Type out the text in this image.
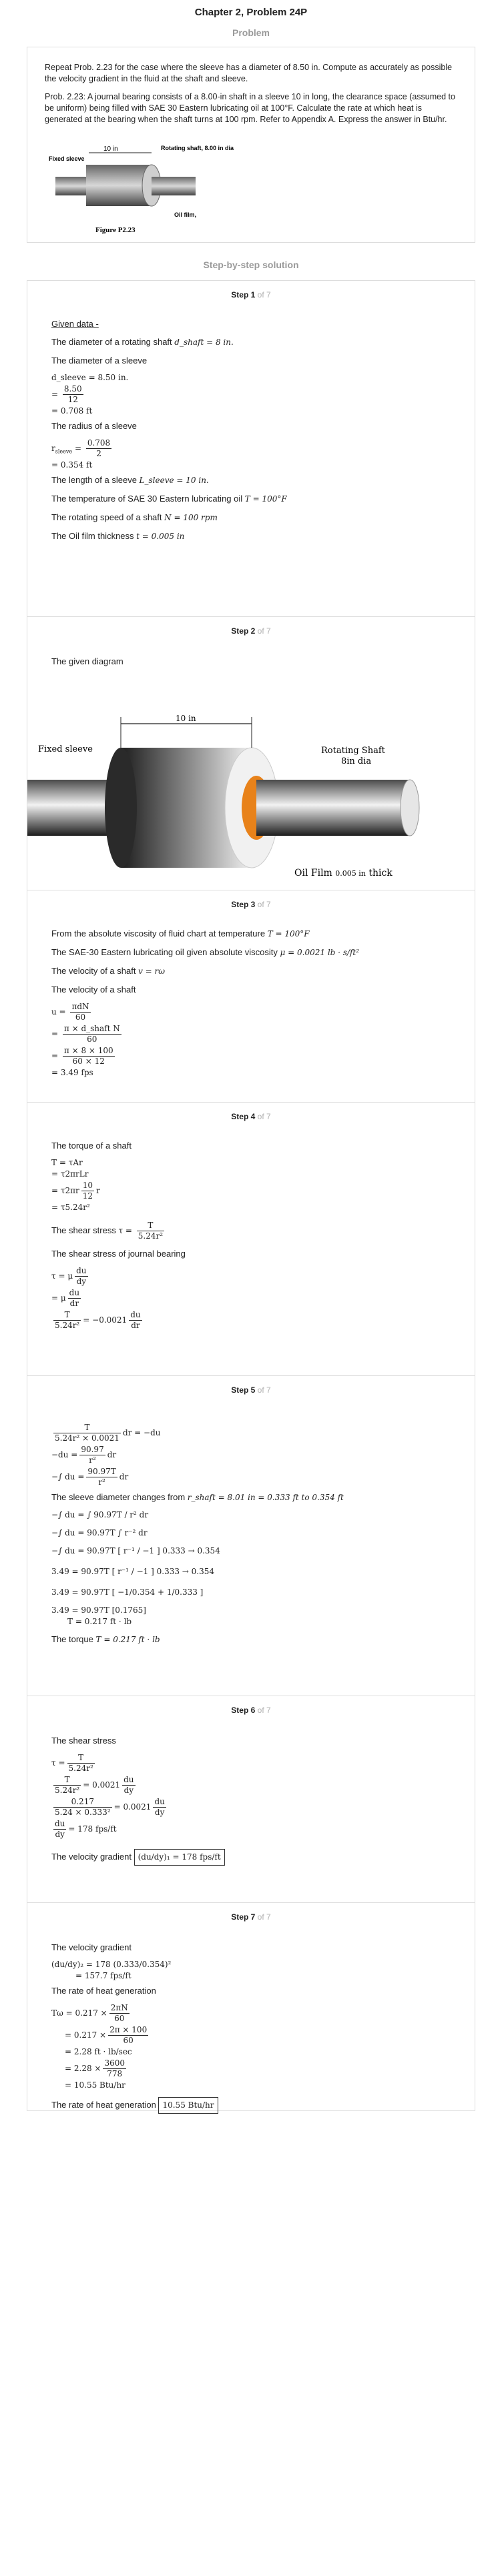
Chapter 2, Problem 24P
Problem

Repeat Prob. 2.23 for the case where the sleeve has a diameter of 8.50 in. Compute as accurately as possible the velocity gradient in the fluid at the shaft and sleeve.

Prob. 2.23: A journal bearing consists of a 8.00-in shaft in a sleeve 10 in long, the clearance space (assumed to be uniform) being filled with SAE 30 Eastern lubricating oil at 100°F. Calculate the rate at which heat is generated at the bearing when the shaft turns at 100 rpm. Refer to Appendix A. Express the answer in Btu/hr.

10 in
Fixed sleeve
Rotating shaft, 8.00 in dia
Oil film,
Figure P2.23
Step-by-step solution
Step 1 of 7
Given data -
The diameter of a rotating shaft d_shaft = 8 in.
The diameter of a sleeve
d_sleeve = 8.50 in.
= $\frac{8.50}{12}$
= 0.708 ft
The radius of a sleeve
$r_{sleeve} = \frac{0.708}{2}$
= 0.354 ft
The length of a sleeve L_sleeve = 10 in.
The temperature of SAE 30 Eastern lubricating oil T = 100°F
The rotating speed of a shaft N = 100 rpm
The Oil film thickness t = 0.005 in
Step 2 of 7
The given diagram
10 in
Fixed sleeve	Rotating Shaft
8in dia
Oil Film 0.005 in thick
Step 3 of 7
From the absolute viscosity of fluid chart at temperature T = 100°F
The SAE-30 Eastern lubricating oil given absolute viscosity μ = 0.0021 lb · s/ft²
The velocity of a shaft v = rω
The velocity of a shaft
$u = \frac{\text{πdN}}{60}$
= $\frac{\text{π × d\_shaft N}}{60}$
= $\frac{\pi \times 8 \times 100}{60 \times 12}$
= 3.49 fps
Step 4 of 7
The torque of a shaft
T = τAr
= τ2πrLr
= $\tau 2\pi r \frac{10}{12}$ r
= τ5.24r²
The shear stress $\tau = \frac{T}{\text{5.24r²}}$
The shear stress of journal bearing
τ = μ $\frac{du}{dy}$
= μ $\frac{du}{dr}$
$\frac{T}{\text{5.24r²}} = -0.0021 \frac{du}{dr}$
Step 5 of 7
$\frac{T}{\text{5.24r² × 0.0021}}$ dr = −du
$-du = \frac{90.97}{\text{r²}}$ dr
−∫ du = $\frac{90.97T}{\text{r²}}$ dr
The sleeve diameter changes from r_shaft = 8.01 in = 0.333 ft to 0.354 ft
−∫ du = ∫ 90.97T / r² dr
−∫ du = 90.97T ∫ r⁻² dr
−∫ du = 90.97T [ r⁻¹ / −1 ] 0.333 → 0.354
3.49 = 90.97T [ r⁻¹ / −1 ] 0.333 → 0.354
3.49 = 90.97T [ −1/0.354 + 1/0.333 ]
3.49 = 90.97T [0.1765]
T = 0.217 ft · lb
The torque T = 0.217 ft · lb
Step 6 of 7
The shear stress
$\tau = \frac{T}{\text{5.24r²}}$
$\frac{T}{\text{5.24r²}} = 0.0021 \frac{du}{dy}$
$\frac{0.217}{\text{5.24 × 0.333²}} = 0.0021 \frac{du}{dy}$
$\frac{du}{dy} = 178$ fps/ft
The velocity gradient (du/dy)₁ = 178 fps/ft
Step 7 of 7
The velocity gradient
(du/dy)₂ = 178 (0.333/0.354)²
= 157.7 fps/ft
The rate of heat generation
$T\omega = 0.217 \times \frac{2\pi N}{60}$
= $0.217 \times \frac{2\pi \times 100}{60}$
= 2.28 ft · lb/sec
= $2.28 \times \frac{3600}{778}$
= 10.55 Btu/hr
The rate of heat generation 10.55 Btu/hr
